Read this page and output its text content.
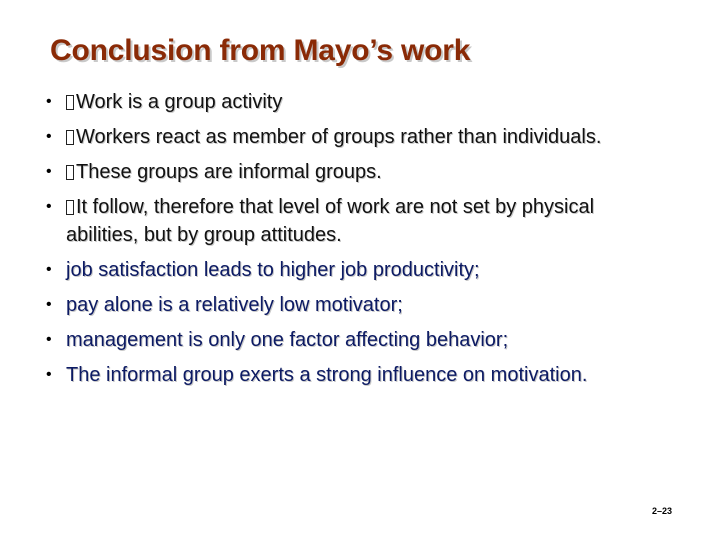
Conclusion from Mayo’s work
• Work is a group activity
• Workers react as member of groups rather than individuals.
• These groups are informal groups.
• It follow, therefore that level of work are not set by physical abilities, but by group attitudes.
• job satisfaction leads to higher job productivity;
• pay alone is a relatively low motivator;
• management is only one factor affecting behavior;
• The informal group exerts a strong influence on motivation.
2–23
